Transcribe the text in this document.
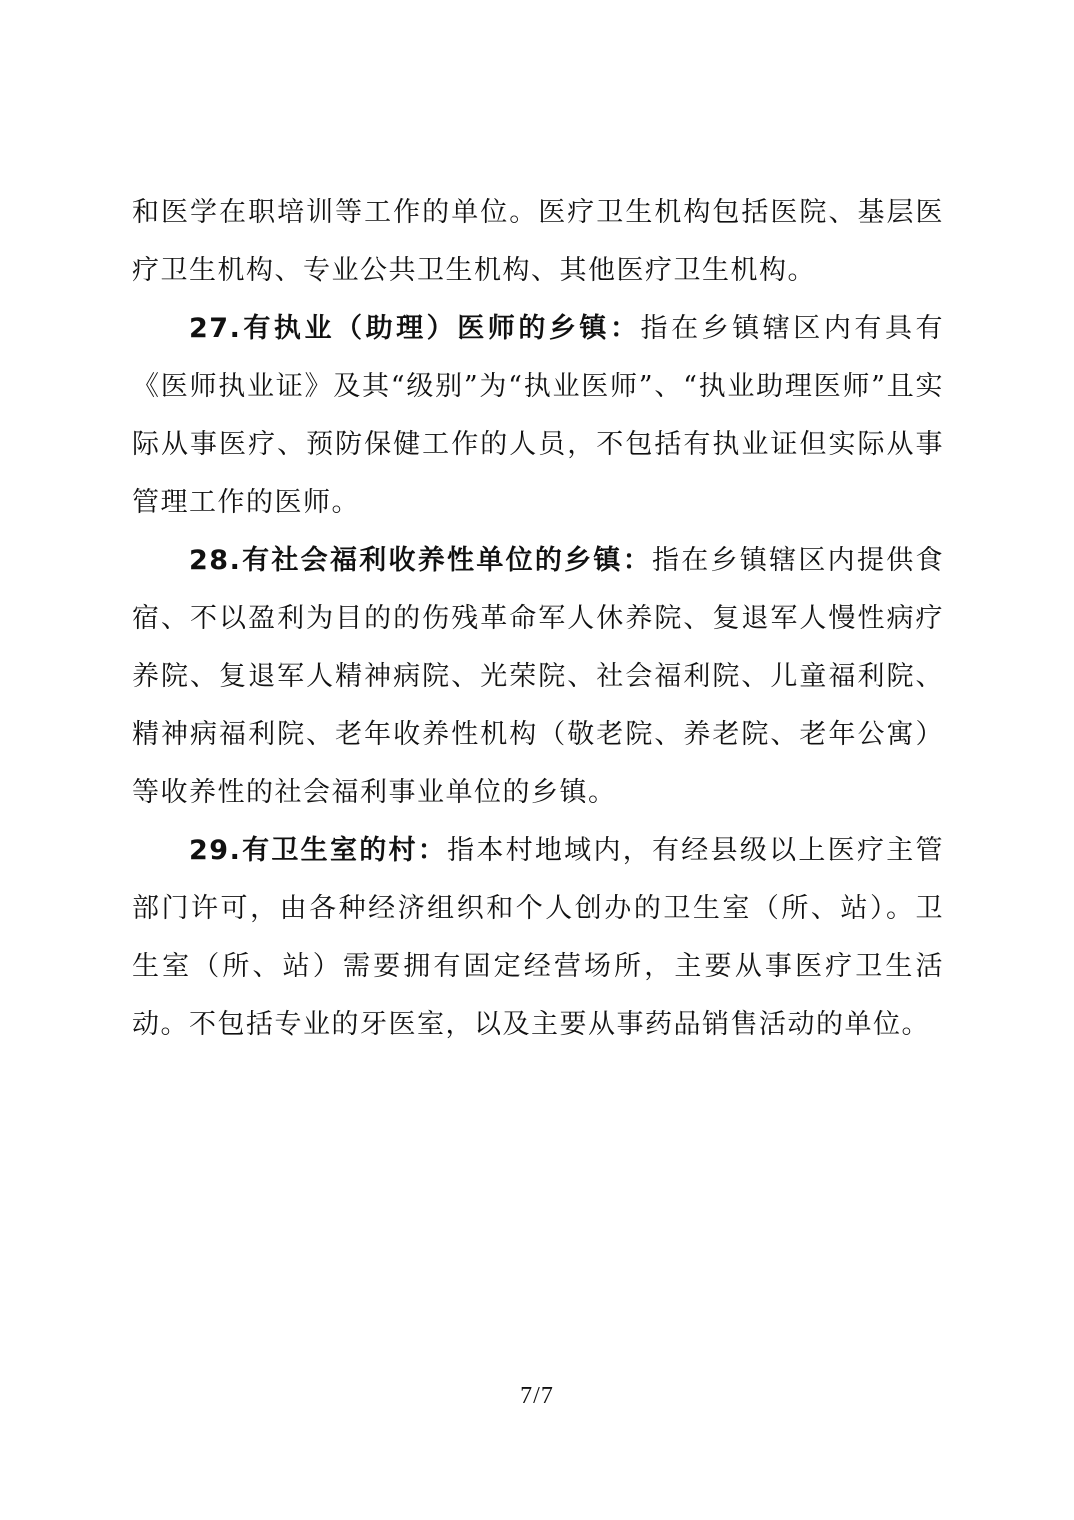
和医学在职培训等工作的单位。医疗卫生机构包括医院、基层医疗卫生机构、专业公共卫生机构、其他医疗卫生机构。

27.有执业（助理）医师的乡镇：指在乡镇辖区内有具有《医师执业证》及其“级别”为“执业医师”、“执业助理医师”且实际从事医疗、预防保健工作的人员，不包括有执业证但实际从事管理工作的医师。

28.有社会福利收养性单位的乡镇：指在乡镇辖区内提供食宿、不以盈利为目的的伤残革命军人休养院、复退军人慢性病疗养院、复退军人精神病院、光荣院、社会福利院、儿童福利院、精神病福利院、老年收养性机构（敬老院、养老院、老年公寓）等收养性的社会福利事业单位的乡镇。

29.有卫生室的村：指本村地域内，有经县级以上医疗主管部门许可，由各种经济组织和个人创办的卫生室（所、站）。卫生室（所、站）需要拥有固定经营场所，主要从事医疗卫生活动。不包括专业的牙医室，以及主要从事药品销售活动的单位。

7/7
